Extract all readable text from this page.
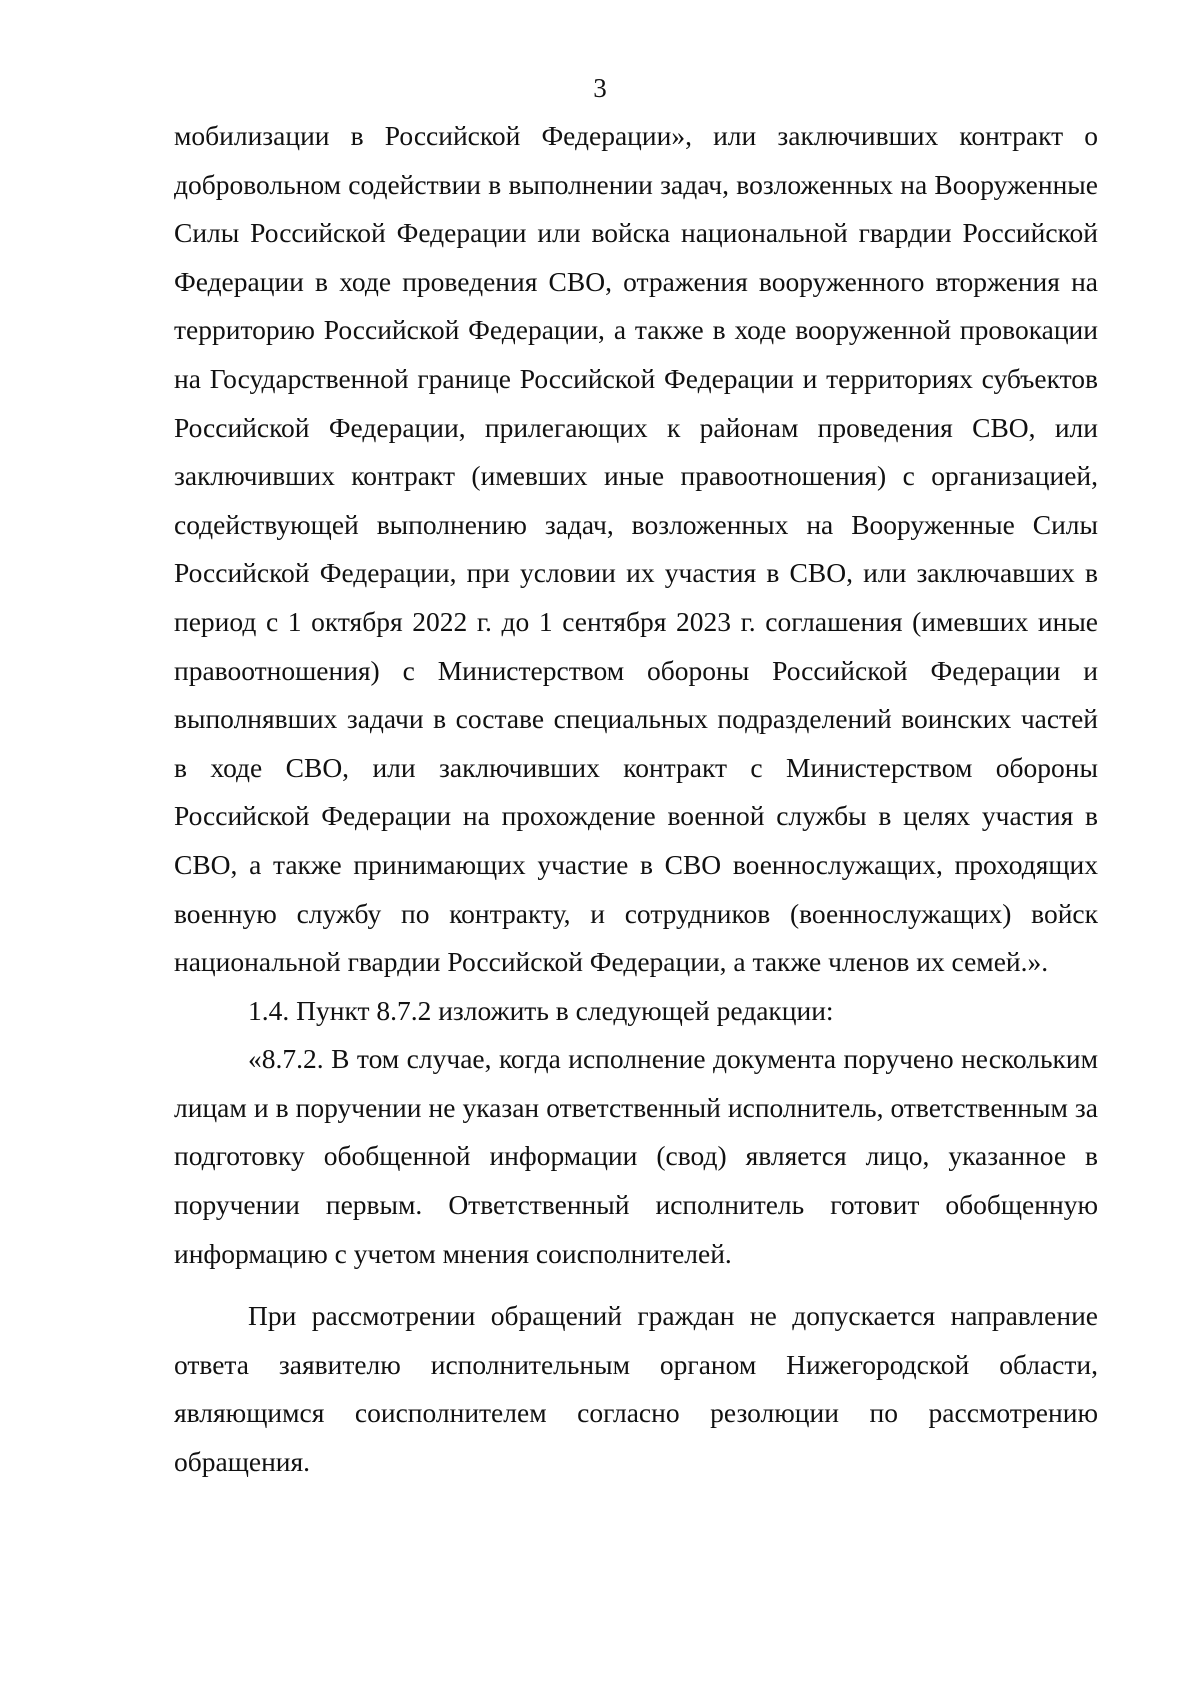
3

мобилизации в Российской Федерации», или заключивших контракт о добровольном содействии в выполнении задач, возложенных на Вооруженные Силы Российской Федерации или войска национальной гвардии Российской Федерации в ходе проведения СВО, отражения вооруженного вторжения на территорию Российской Федерации, а также в ходе вооруженной провокации на Государственной границе Российской Федерации и территориях субъектов Российской Федерации, прилегающих к районам проведения СВО, или заключивших контракт (имевших иные правоотношения) с организацией, содействующей выполнению задач, возложенных на Вооруженные Силы Российской Федерации, при условии их участия в СВО, или заключавших в период с 1 октября 2022 г. до 1 сентября 2023 г. соглашения (имевших иные правоотношения) с Министерством обороны Российской Федерации и выполнявших задачи в составе специальных подразделений воинских частей в ходе СВО, или заключивших контракт с Министерством обороны Российской Федерации на прохождение военной службы в целях участия в СВО, а также принимающих участие в СВО военнослужащих, проходящих военную службу по контракту, и сотрудников (военнослужащих) войск национальной гвардии Российской Федерации, а также членов их семей.».

1.4. Пункт 8.7.2 изложить в следующей редакции:

«8.7.2. В том случае, когда исполнение документа поручено нескольким лицам и в поручении не указан ответственный исполнитель, ответственным за подготовку обобщенной информации (свод) является лицо, указанное в поручении первым. Ответственный исполнитель готовит обобщенную информацию с учетом мнения соисполнителей.

При рассмотрении обращений граждан не допускается направление ответа заявителю исполнительным органом Нижегородской области, являющимся соисполнителем согласно резолюции по рассмотрению обращения.
